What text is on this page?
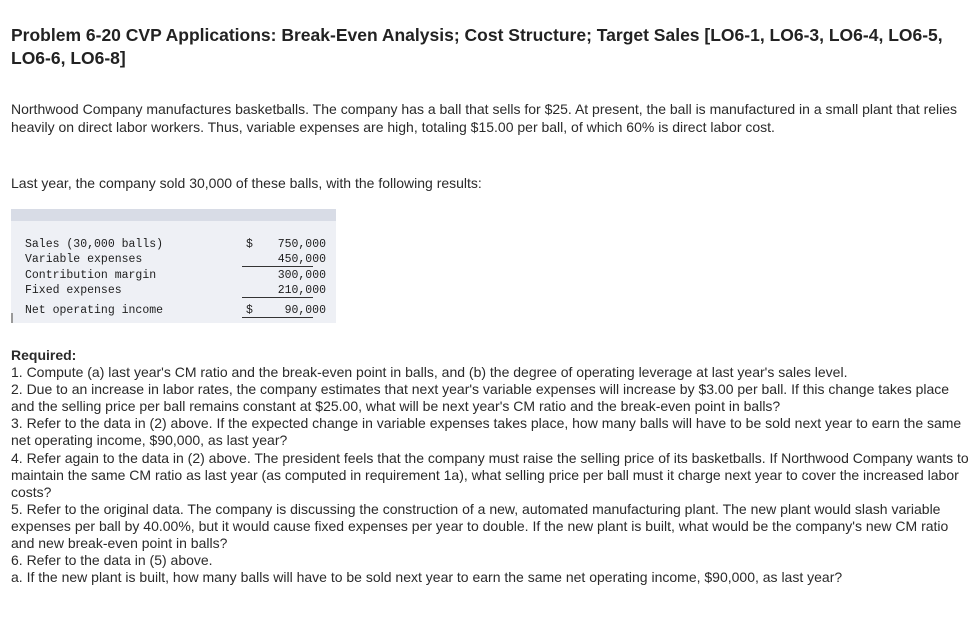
Problem 6-20 CVP Applications: Break-Even Analysis; Cost Structure; Target Sales [LO6-1, LO6-3, LO6-4, LO6-5, LO6-6, LO6-8]

Northwood Company manufactures basketballs. The company has a ball that sells for $25. At present, the ball is manufactured in a small plant that relies heavily on direct labor workers. Thus, variable expenses are high, totaling $15.00 per ball, of which 60% is direct labor cost.

Last year, the company sold 30,000 of these balls, with the following results:

Sales (30,000 balls)	$	750,000
Variable expenses	450,000
Contribution margin	300,000
Fixed expenses	210,000
Net operating income	$	90,000
Required:
1. Compute (a) last year's CM ratio and the break-even point in balls, and (b) the degree of operating leverage at last year's sales level.
2. Due to an increase in labor rates, the company estimates that next year's variable expenses will increase by $3.00 per ball. If this change takes place and the selling price per ball remains constant at $25.00, what will be next year's CM ratio and the break-even point in balls?
3. Refer to the data in (2) above. If the expected change in variable expenses takes place, how many balls will have to be sold next year to earn the same net operating income, $90,000, as last year?
4. Refer again to the data in (2) above. The president feels that the company must raise the selling price of its basketballs. If Northwood Company wants to maintain the same CM ratio as last year (as computed in requirement 1a), what selling price per ball must it charge next year to cover the increased labor costs?
5. Refer to the original data. The company is discussing the construction of a new, automated manufacturing plant. The new plant would slash variable expenses per ball by 40.00%, but it would cause fixed expenses per year to double. If the new plant is built, what would be the company's new CM ratio and new break-even point in balls?
6. Refer to the data in (5) above.
a. If the new plant is built, how many balls will have to be sold next year to earn the same net operating income, $90,000, as last year?
